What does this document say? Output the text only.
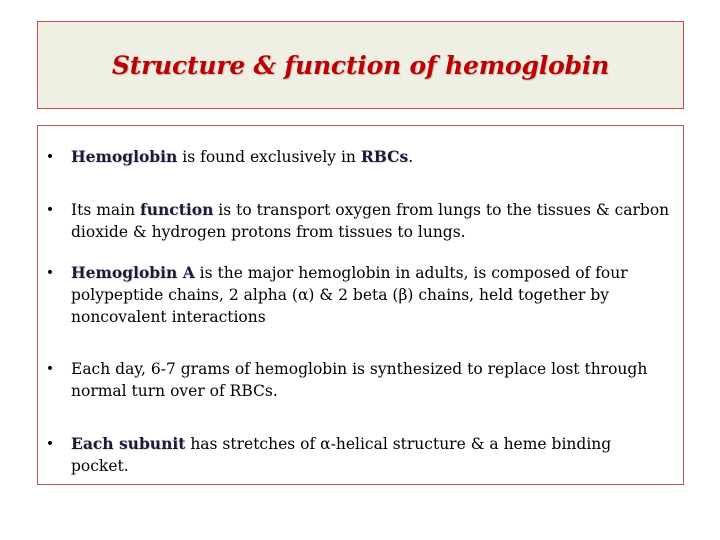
Structure & function of hemoglobin
• Hemoglobin is found exclusively in RBCs.
• Its main function is to transport oxygen from lungs to the tissues & carbon dioxide & hydrogen protons from tissues to lungs.
• Hemoglobin A is the major hemoglobin in adults, is composed of four polypeptide chains, 2 alpha (α) & 2 beta (β) chains, held together by noncovalent interactions
• Each day, 6-7 grams of hemoglobin is synthesized to replace lost through normal turn over of RBCs.
• Each subunit has stretches of α-helical structure & a heme binding pocket.
